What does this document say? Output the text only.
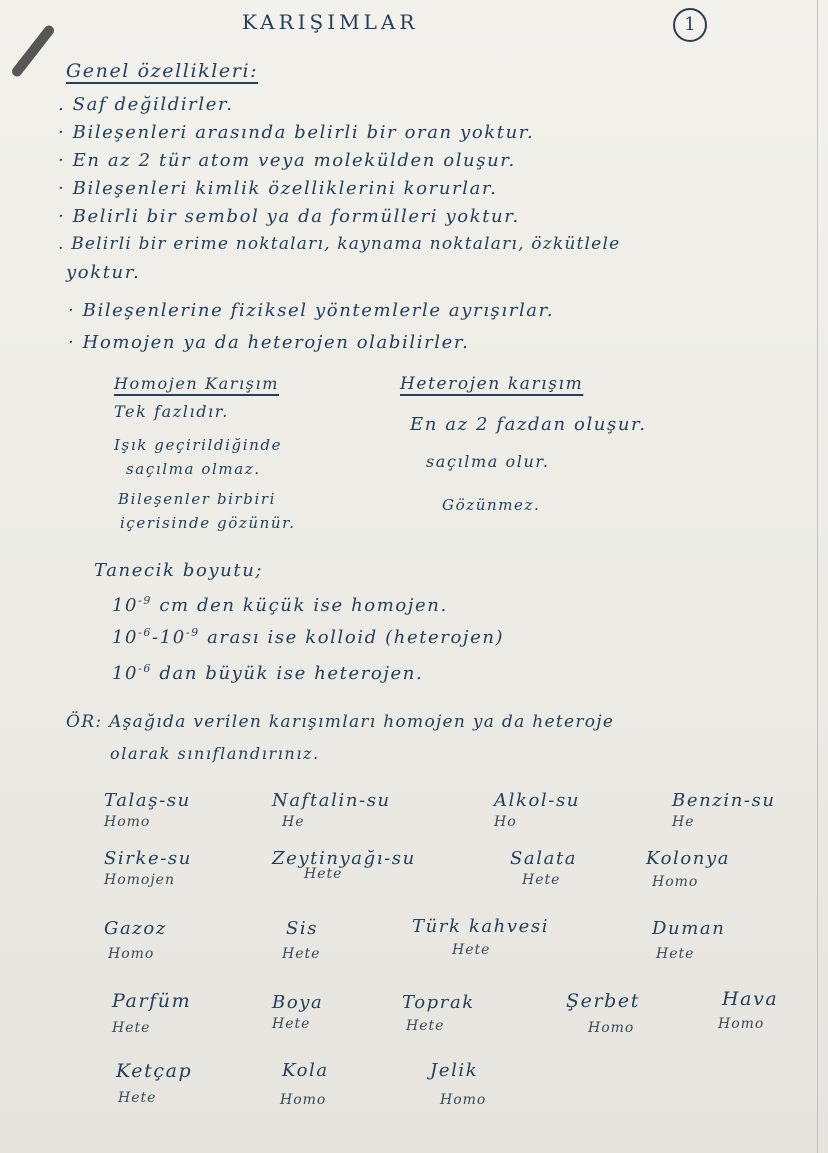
KARIŞIMLAR	1
Genel özellikleri:
. Saf değildirler.
· Bileşenleri arasında belirli bir oran yoktur.
· En az 2 tür atom veya molekülden oluşur.
· Bileşenleri kimlik özelliklerini korurlar.
· Belirli bir sembol ya da formülleri yoktur.
. Belirli bir erime noktaları, kaynama noktaları, özkütlele
yoktur.
· Bileşenlerine fiziksel yöntemlerle ayrışırlar.
· Homojen ya da heterojen olabilirler.
Homojen Karışım
Tek fazlıdır.
Işık geçirildiğinde
saçılma olmaz.
Bileşenler birbiri
içerisinde gözünür.
Heterojen karışım
En az 2 fazdan oluşur.
saçılma olur.
Gözünmez.
Tanecik boyutu;
$10^{-9}$ cm den küçük ise homojen.
$10^{-6}-10^{-9}$ arası ise kolloid (heterojen)
$10^{-6}$ dan büyük ise heterojen.
ÖR: Aşağıda verilen karışımları homojen ya da heteroje
olarak sınıflandırınız.
Talaş-su
Homo
Naftalin-su
He
Alkol-su
Ho
Benzin-su
He
Sirke-su
Homojen
Zeytinyağı-su
Hete
Salata
Hete
Kolonya
Homo
Gazoz
Homo
Sis
Hete
Türk kahvesi
Hete
Duman
Hete
Parfüm
Hete
Boya
Hete
Toprak
Hete
Şerbet
Homo
Hava
Homo
Ketçap
Hete
Kola
Homo
Jelik
Homo
